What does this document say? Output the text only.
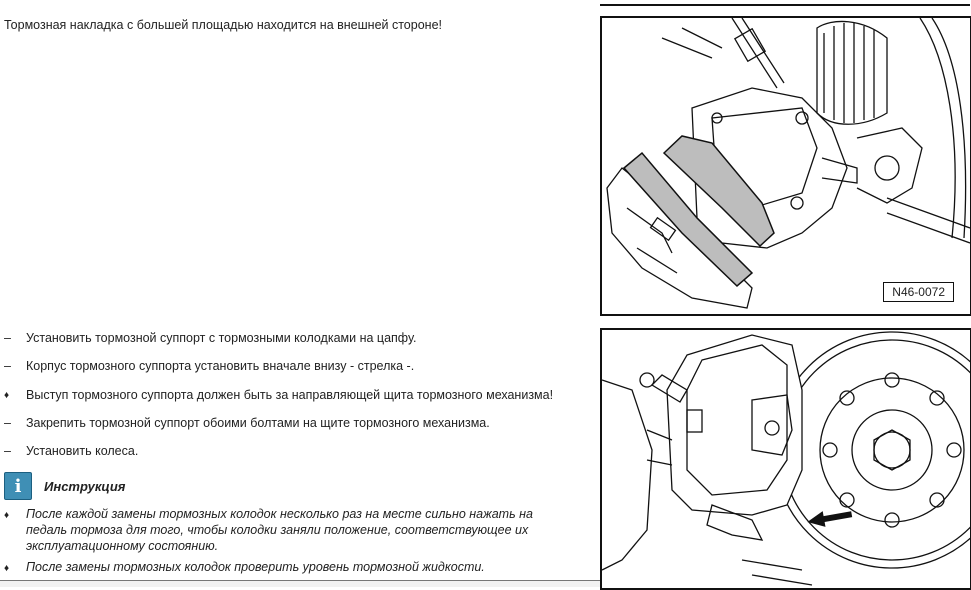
Тормозная накладка с большей площадью находится на внешней стороне!
N46-0072
–	Установить тормозной суппорт с тормозными колодками на цапфу.
–	Корпус тормозного суппорта установить вначале внизу - стрелка -.
♦	Выступ тормозного суппорта должен быть за направляющей щита тормозного механизма!
–	Закрепить тормозной суппорт обоими болтами на щите тормозного механизма.
–	Установить колеса.
i	Инструкция
♦	После каждой замены тормозных колодок несколько раз на месте сильно нажать на педаль тормоза для того, чтобы колодки заняли положение, соответствующее их эксплуатационному состоянию.
♦	После замены тормозных колодок проверить уровень тормозной жидкости.
